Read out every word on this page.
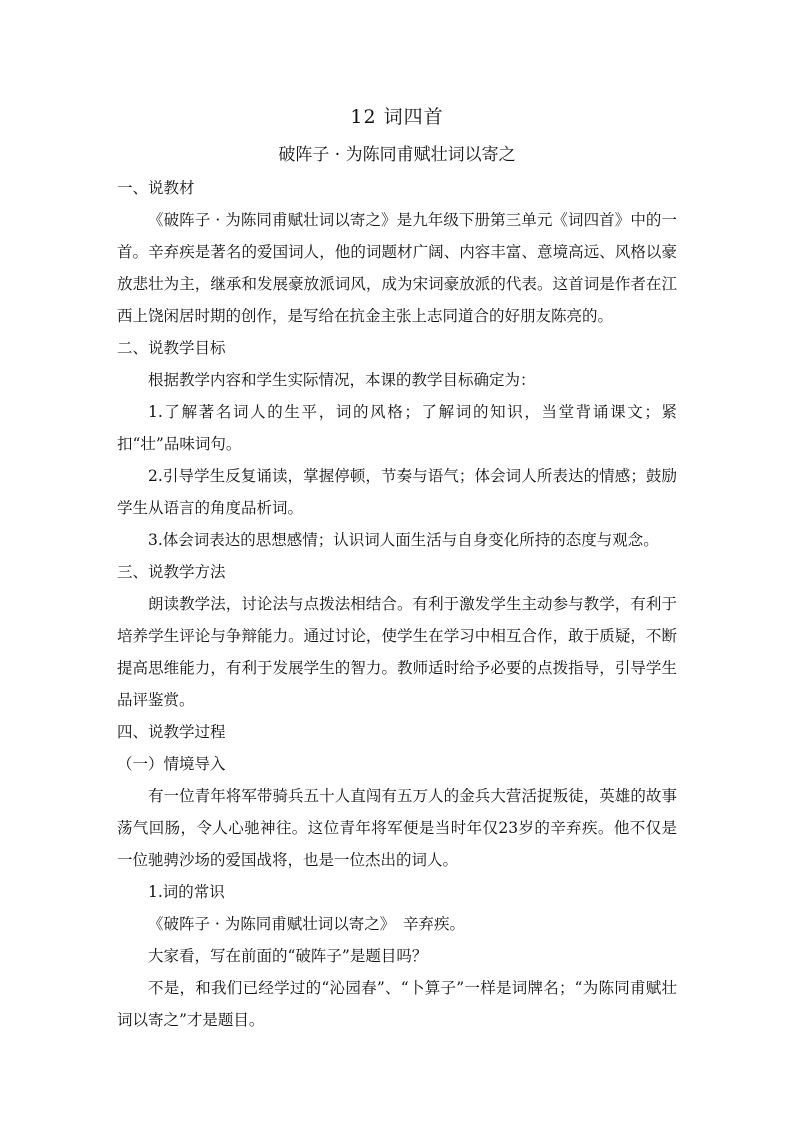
12 词四首
破阵子 · 为陈同甫赋壮词以寄之
一、说教材

《破阵子 · 为陈同甫赋壮词以寄之》是九年级下册第三单元《词四首》中的一首。辛弃疾是著名的爱国词人，他的词题材广阔、内容丰富、意境高远、风格以豪放悲壮为主，继承和发展豪放派词风，成为宋词豪放派的代表。这首词是作者在江西上饶闲居时期的创作，是写给在抗金主张上志同道合的好朋友陈亮的。

二、说教学目标

根据教学内容和学生实际情况，本课的教学目标确定为：

1.了解著名词人的生平，词的风格；了解词的知识，当堂背诵课文；紧扣“壮”品味词句。

2.引导学生反复诵读，掌握停顿，节奏与语气；体会词人所表达的情感；鼓励学生从语言的角度品析词。

3.体会词表达的思想感情；认识词人面生活与自身变化所持的态度与观念。

三、说教学方法

朗读教学法，讨论法与点拨法相结合。有利于激发学生主动参与教学，有利于培养学生评论与争辩能力。通过讨论，使学生在学习中相互合作，敢于质疑，不断提高思维能力，有利于发展学生的智力。教师适时给予必要的点拨指导，引导学生品评鉴赏。

四、说教学过程
（一）情境导入

有一位青年将军带骑兵五十人直闯有五万人的金兵大营活捉叛徒，英雄的故事荡气回肠，令人心驰神往。这位青年将军便是当时年仅23岁的辛弃疾。他不仅是一位驰骋沙场的爱国战将，也是一位杰出的词人。

1.词的常识

《破阵子 · 为陈同甫赋壮词以寄之》　辛弃疾。

大家看，写在前面的“破阵子”是题目吗？

不是，和我们已经学过的“沁园春”、“卜算子”一样是词牌名；“为陈同甫赋壮词以寄之”才是题目。
